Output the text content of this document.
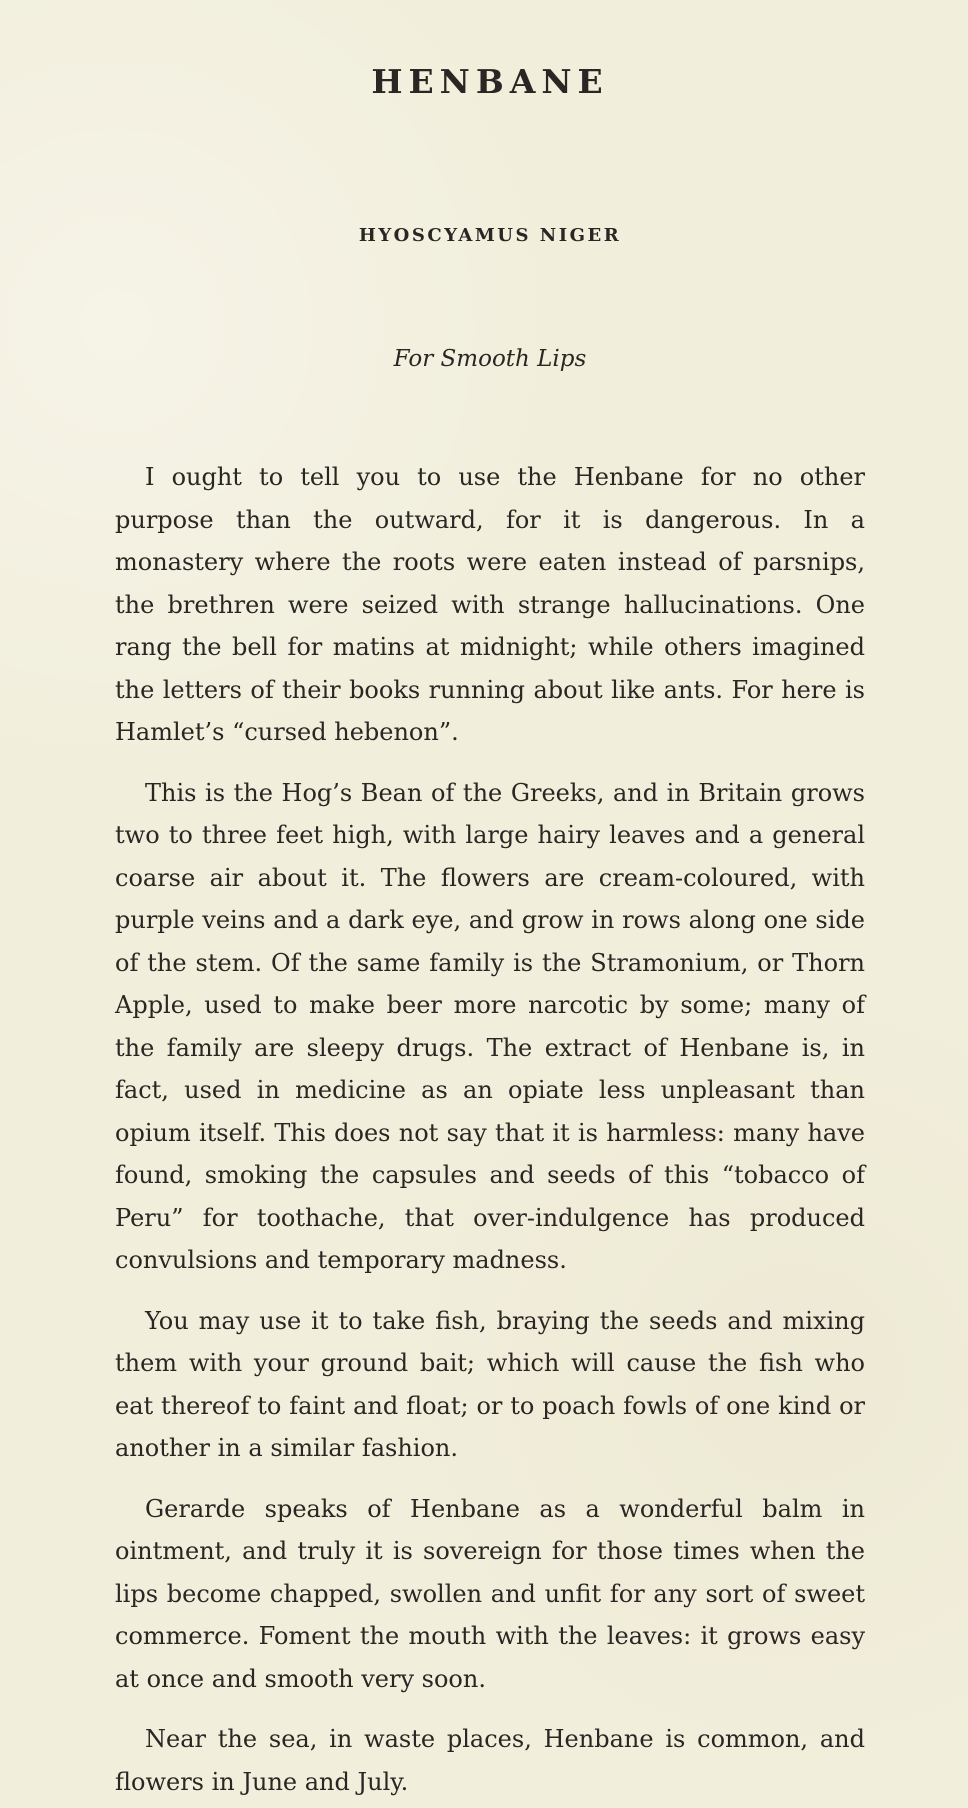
HENBANE
HYOSCYAMUS NIGER
For Smooth Lips

I ought to tell you to use the Henbane for no other purpose than the outward, for it is dangerous. In a monastery where the roots were eaten instead of parsnips, the brethren were seized with strange hallucinations. One rang the bell for matins at midnight; while others imagined the letters of their books running about like ants. For here is Hamlet’s “cursed hebenon”.

This is the Hog’s Bean of the Greeks, and in Britain grows two to three feet high, with large hairy leaves and a general coarse air about it. The flowers are cream-coloured, with purple veins and a dark eye, and grow in rows along one side of the stem. Of the same family is the Stramonium, or Thorn Apple, used to make beer more narcotic by some; many of the family are sleepy drugs. The extract of Henbane is, in fact, used in medicine as an opiate less unpleasant than opium itself. This does not say that it is harmless: many have found, smoking the capsules and seeds of this “tobacco of Peru” for toothache, that over-indulgence has produced convulsions and temporary madness.

You may use it to take fish, braying the seeds and mixing them with your ground bait; which will cause the fish who eat thereof to faint and float; or to poach fowls of one kind or another in a similar fashion.

Gerarde speaks of Henbane as a wonderful balm in ointment, and truly it is sovereign for those times when the lips become chapped, swollen and unfit for any sort of sweet commerce. Foment the mouth with the leaves: it grows easy at once and smooth very soon.

Near the sea, in waste places, Henbane is common, and flowers in June and July.
